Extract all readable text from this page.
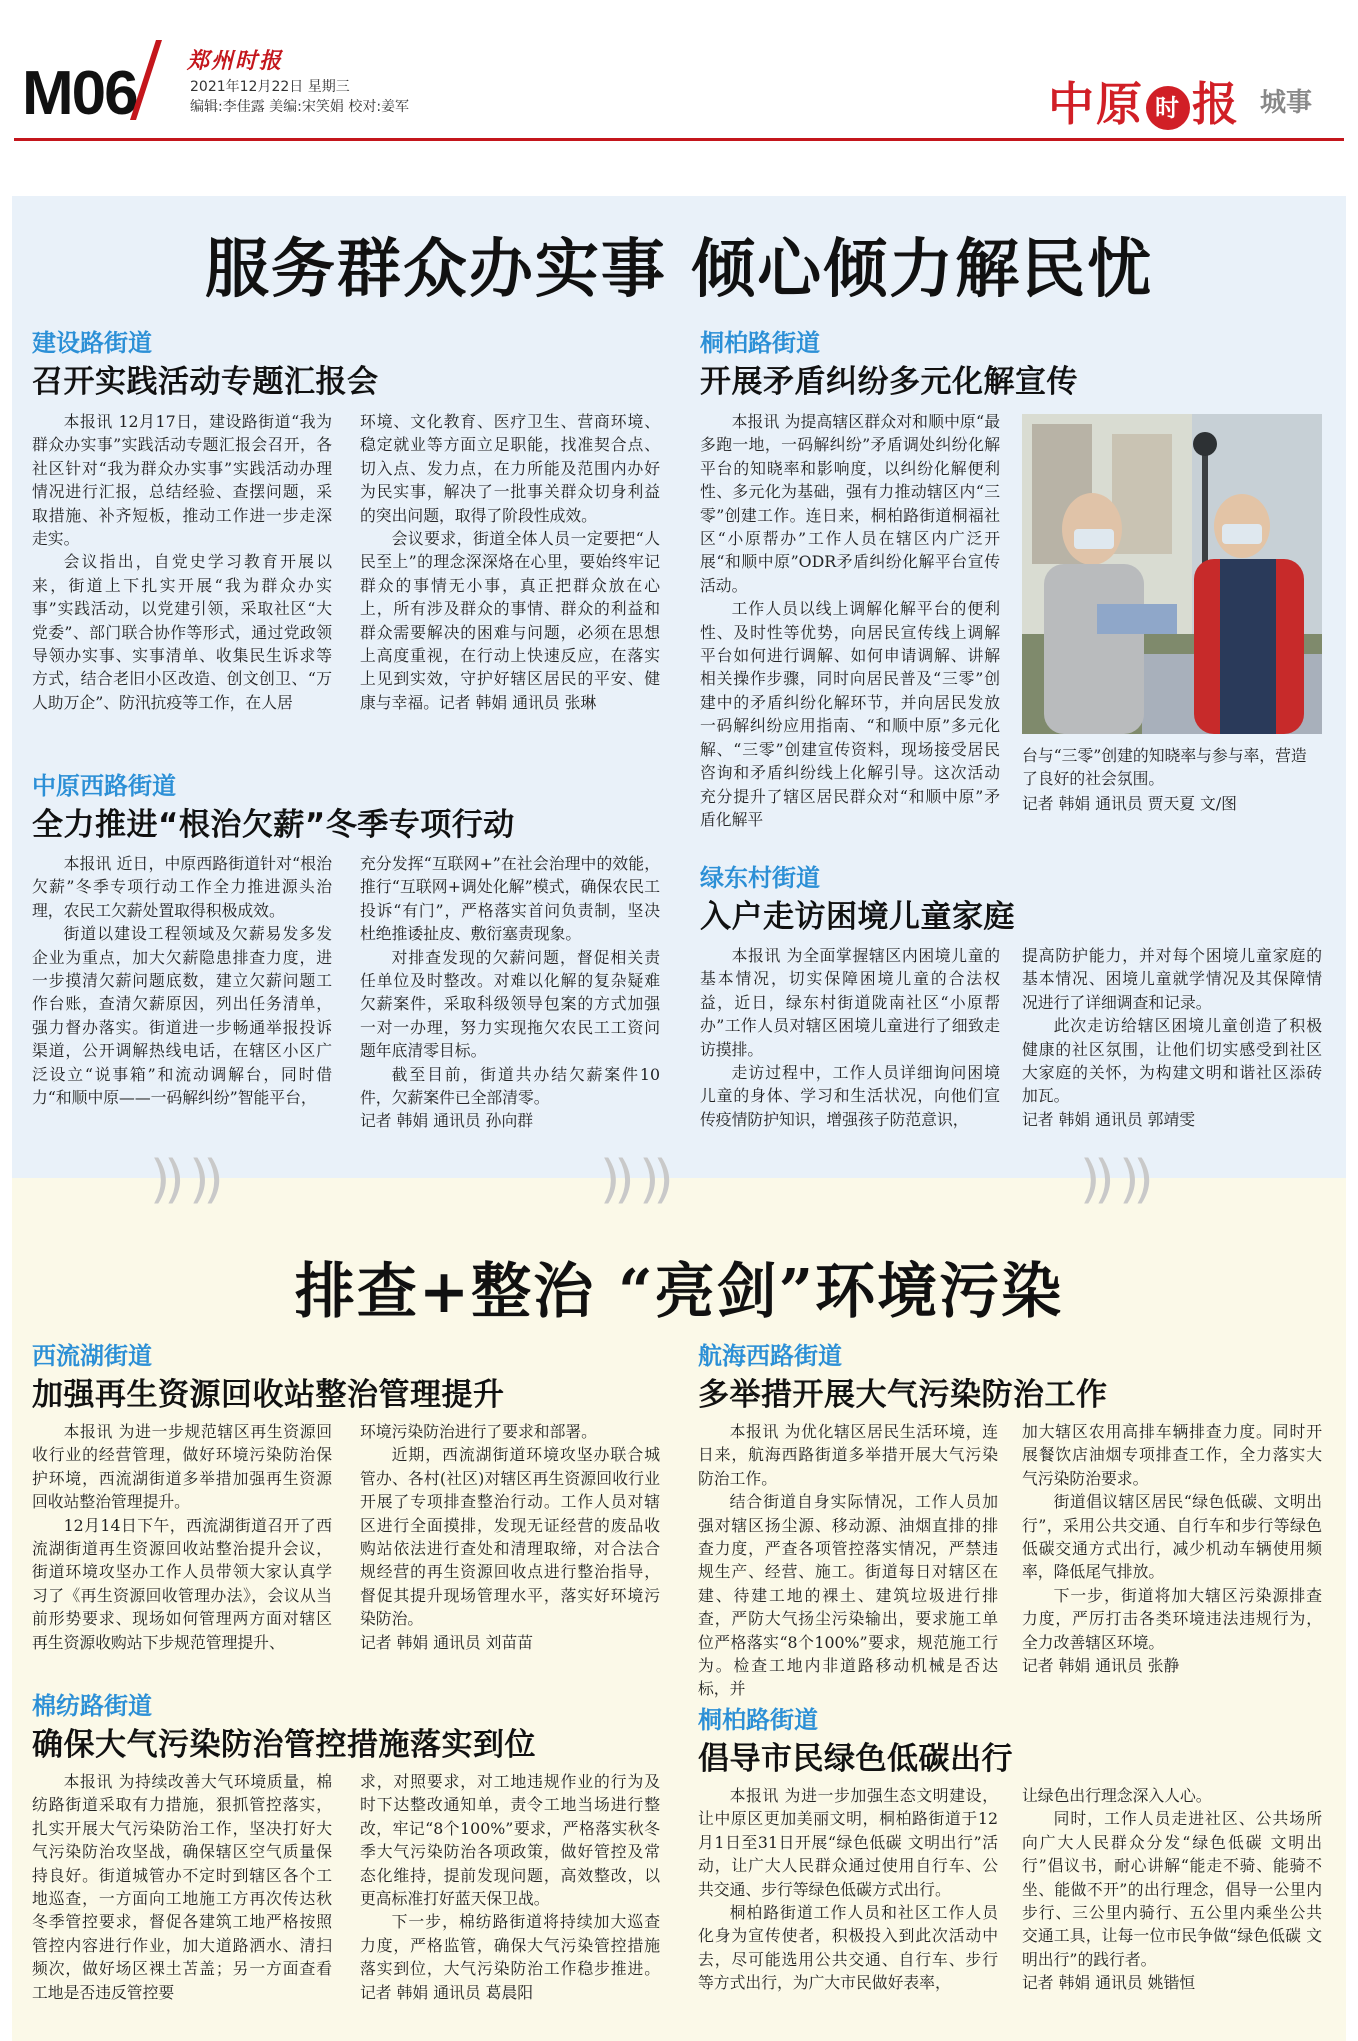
M06 郑州时报
2021年12月22日 星期三
编辑:李佳露 美编:宋笑娟 校对:姜军	中原 时 报 城事
服务群众办实事 倾心倾力解民忧
建设路街道
召开实践活动专题汇报会

本报讯 12月17日，建设路街道“我为群众办实事”实践活动专题汇报会召开，各社区针对“我为群众办实事”实践活动办理情况进行汇报，总结经验、查摆问题，采取措施、补齐短板，推动工作进一步走深走实。

会议指出，自党史学习教育开展以来，街道上下扎实开展“我为群众办实事”实践活动，以党建引领，采取社区“大党委”、部门联合协作等形式，通过党政领导领办实事、实事清单、收集民生诉求等方式，结合老旧小区改造、创文创卫、“万人助万企”、防汛抗疫等工作，在人居

环境、文化教育、医疗卫生、营商环境、稳定就业等方面立足职能，找准契合点、切入点、发力点，在力所能及范围内办好为民实事，解决了一批事关群众切身利益的突出问题，取得了阶段性成效。

会议要求，街道全体人员一定要把“人民至上”的理念深深烙在心里，要始终牢记群众的事情无小事，真正把群众放在心上，所有涉及群众的事情、群众的利益和群众需要解决的困难与问题，必须在思想上高度重视，在行动上快速反应，在落实上见到实效，守护好辖区居民的平安、健康与幸福。记者 韩娟 通讯员 张琳

中原西路街道
全力推进“根治欠薪”冬季专项行动

本报讯 近日，中原西路街道针对“根治欠薪”冬季专项行动工作全力推进源头治理，农民工欠薪处置取得积极成效。

街道以建设工程领域及欠薪易发多发企业为重点，加大欠薪隐患排查力度，进一步摸清欠薪问题底数，建立欠薪问题工作台账，查清欠薪原因，列出任务清单，强力督办落实。街道进一步畅通举报投诉渠道，公开调解热线电话，在辖区小区广泛设立“说事箱”和流动调解台，同时借力“和顺中原——一码解纠纷”智能平台，

充分发挥“互联网+”在社会治理中的效能，推行“互联网+调处化解”模式，确保农民工投诉“有门”，严格落实首问负责制，坚决杜绝推诿扯皮、敷衍塞责现象。

对排查发现的欠薪问题，督促相关责任单位及时整改。对难以化解的复杂疑难欠薪案件，采取科级领导包案的方式加强一对一办理，努力实现拖欠农民工工资问题年底清零目标。

截至目前，街道共办结欠薪案件10件，欠薪案件已全部清零。

记者 韩娟 通讯员 孙向群

桐柏路街道
开展矛盾纠纷多元化解宣传

本报讯 为提高辖区群众对和顺中原“最多跑一地，一码解纠纷”矛盾调处纠纷化解平台的知晓率和影响度，以纠纷化解便利性、多元化为基础，强有力推动辖区内“三零”创建工作。连日来，桐柏路街道桐福社区“小原帮办”工作人员在辖区内广泛开展“和顺中原”ODR矛盾纠纷化解平台宣传活动。

工作人员以线上调解化解平台的便利性、及时性等优势，向居民宣传线上调解平台如何进行调解、如何申请调解、讲解相关操作步骤，同时向居民普及“三零”创建中的矛盾纠纷化解环节，并向居民发放一码解纠纷应用指南、“和顺中原”多元化解、“三零”创建宣传资料，现场接受居民咨询和矛盾纠纷线上化解引导。这次活动充分提升了辖区居民群众对“和顺中原”矛盾化解平

台与“三零”创建的知晓率与参与率，营造了良好的社会氛围。
记者 韩娟 通讯员 贾天夏 文/图
绿东村街道
入户走访困境儿童家庭

本报讯 为全面掌握辖区内困境儿童的基本情况，切实保障困境儿童的合法权益，近日，绿东村街道陇南社区“小原帮办”工作人员对辖区困境儿童进行了细致走访摸排。

走访过程中，工作人员详细询问困境儿童的身体、学习和生活状况，向他们宣传疫情防护知识，增强孩子防范意识，

提高防护能力，并对每个困境儿童家庭的基本情况、困境儿童就学情况及其保障情况进行了详细调查和记录。

此次走访给辖区困境儿童创造了积极健康的社区氛围，让他们切实感受到社区大家庭的关怀，为构建文明和谐社区添砖加瓦。

记者 韩娟 通讯员 郭靖雯

)) ))	)) ))	)) ))
排查+整治 “亮剑”环境污染
西流湖街道
加强再生资源回收站整治管理提升

本报讯 为进一步规范辖区再生资源回收行业的经营管理，做好环境污染防治保护环境，西流湖街道多举措加强再生资源回收站整治管理提升。

12月14日下午，西流湖街道召开了西流湖街道再生资源回收站整治提升会议，街道环境攻坚办工作人员带领大家认真学习了《再生资源回收管理办法》，会议从当前形势要求、现场如何管理两方面对辖区再生资源收购站下步规范管理提升、

环境污染防治进行了要求和部署。

近期，西流湖街道环境攻坚办联合城管办、各村(社区)对辖区再生资源回收行业开展了专项排查整治行动。工作人员对辖区进行全面摸排，发现无证经营的废品收购站依法进行查处和清理取缔，对合法合规经营的再生资源回收点进行整治指导，督促其提升现场管理水平，落实好环境污染防治。

记者 韩娟 通讯员 刘苗苗

棉纺路街道
确保大气污染防治管控措施落实到位

本报讯 为持续改善大气环境质量，棉纺路街道采取有力措施，狠抓管控落实，扎实开展大气污染防治工作，坚决打好大气污染防治攻坚战，确保辖区空气质量保持良好。街道城管办不定时到辖区各个工地巡查，一方面向工地施工方再次传达秋冬季管控要求，督促各建筑工地严格按照管控内容进行作业，加大道路洒水、清扫频次，做好场区裸土苫盖；另一方面查看工地是否违反管控要

求，对照要求，对工地违规作业的行为及时下达整改通知单，责令工地当场进行整改，牢记“8个100%”要求，严格落实秋冬季大气污染防治各项政策，做好管控及常态化维持，提前发现问题，高效整改，以更高标准打好蓝天保卫战。

下一步，棉纺路街道将持续加大巡查力度，严格监管，确保大气污染管控措施落实到位，大气污染防治工作稳步推进。 记者 韩娟 通讯员 葛晨阳

航海西路街道
多举措开展大气污染防治工作

本报讯 为优化辖区居民生活环境，连日来，航海西路街道多举措开展大气污染防治工作。

结合街道自身实际情况，工作人员加强对辖区扬尘源、移动源、油烟直排的排查力度，严查各项管控落实情况，严禁违规生产、经营、施工。街道每日对辖区在建、待建工地的裸土、建筑垃圾进行排查，严防大气扬尘污染输出，要求施工单位严格落实“8个100%”要求，规范施工行为。检查工地内非道路移动机械是否达标，并

加大辖区农用高排车辆排查力度。同时开展餐饮店油烟专项排查工作，全力落实大气污染防治要求。

街道倡议辖区居民“绿色低碳、文明出行”，采用公共交通、自行车和步行等绿色低碳交通方式出行，减少机动车辆使用频率，降低尾气排放。

下一步，街道将加大辖区污染源排查力度，严厉打击各类环境违法违规行为，全力改善辖区环境。

记者 韩娟 通讯员 张静

桐柏路街道
倡导市民绿色低碳出行

本报讯 为进一步加强生态文明建设，让中原区更加美丽文明，桐柏路街道于12月1日至31日开展“绿色低碳 文明出行”活动，让广大人民群众通过使用自行车、公共交通、步行等绿色低碳方式出行。

桐柏路街道工作人员和社区工作人员化身为宣传使者，积极投入到此次活动中去，尽可能选用公共交通、自行车、步行等方式出行，为广大市民做好表率，

让绿色出行理念深入人心。

同时，工作人员走进社区、公共场所向广大人民群众分发“绿色低碳 文明出行”倡议书，耐心讲解“能走不骑、能骑不坐、能做不开”的出行理念，倡导一公里内步行、三公里内骑行、五公里内乘坐公共交通工具，让每一位市民争做“绿色低碳 文明出行”的践行者。

记者 韩娟 通讯员 姚锴恒
